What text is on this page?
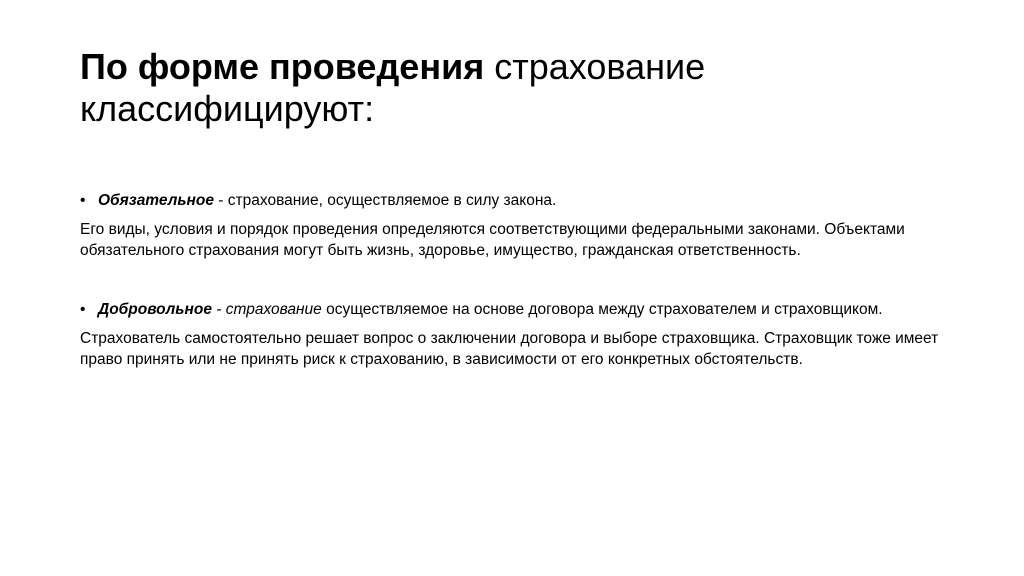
По форме проведения страхование классифицируют:

• Обязательное - страхование, осуществляемое в силу закона.

Его виды, условия и порядок проведения определяются соответствующими федеральными законами. Объектами обязательного страхования могут быть жизнь, здоровье, имущество, гражданская ответственность.

• Добровольное - страхование осуществляемое на основе договора между страхователем и страховщиком.

Страхователь самостоятельно решает вопрос о заключении договора и выборе страховщика. Страховщик тоже имеет право принять или не принять риск к страхованию, в зависимости от его конкретных обстоятельств.
